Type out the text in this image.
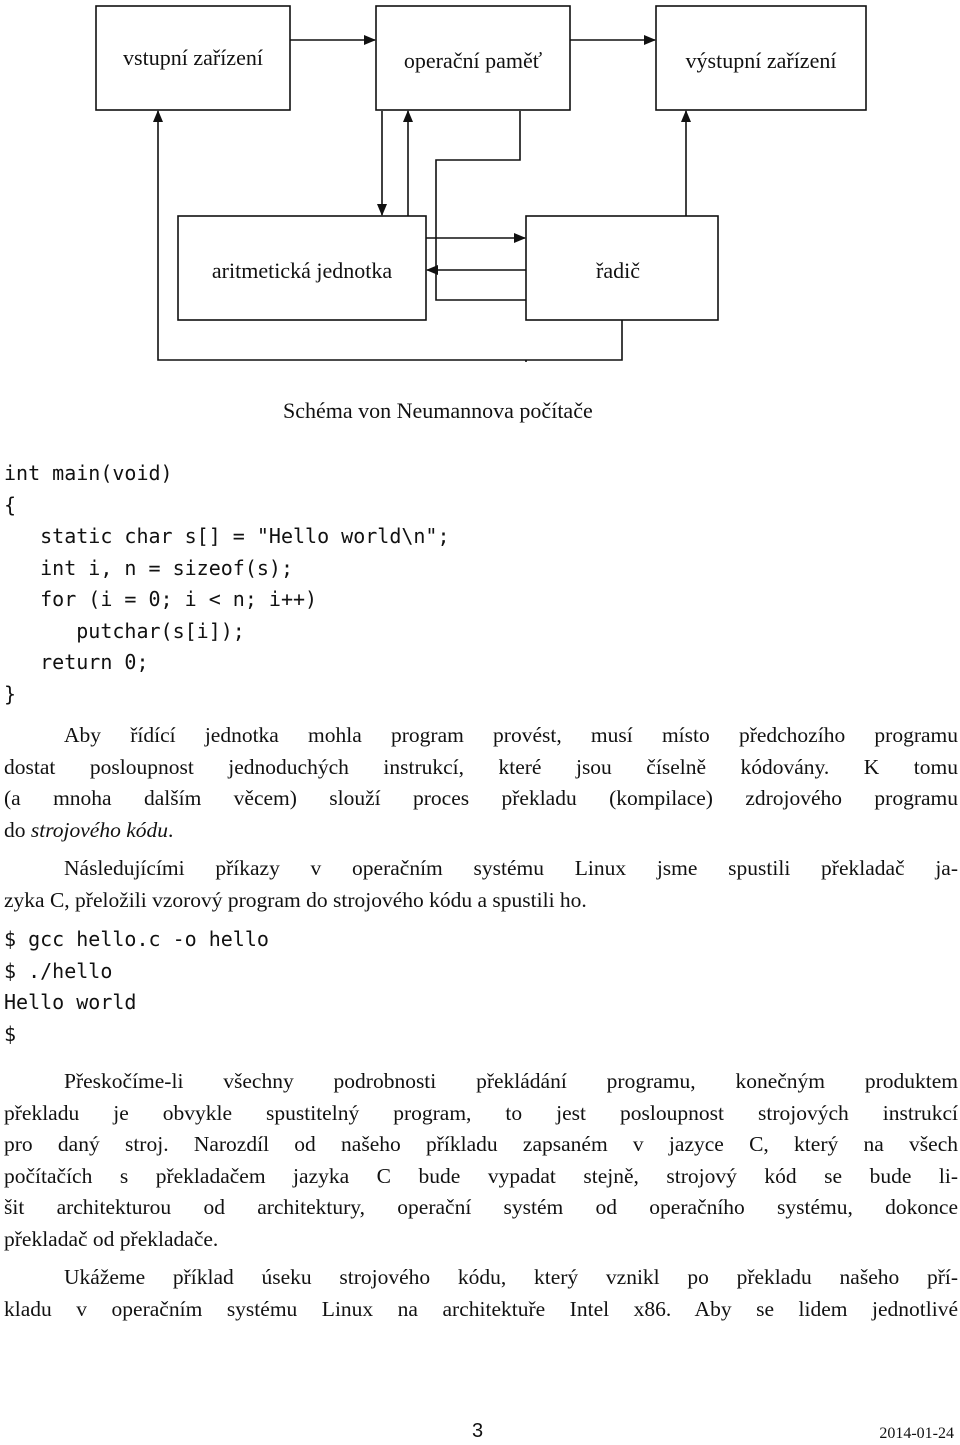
vstupní zařízení	operační paměť	výstupní zařízení
aritmetická jednotka	řadič
Schéma von Neumannova počítače
int main(void)
{
static char s[] = "Hello world\n";
int i, n = sizeof(s);
for (i = 0; i < n; i++)
putchar(s[i]);
return 0;
}
Aby řídící jednotka mohla program provést, musí místo předchozího programu
dostat posloupnost jednoduchých instrukcí, které jsou číselně kódovány. K tomu
(a mnoha dalším věcem) slouží proces překladu (kompilace) zdrojového programu
do strojového kódu.
Následujícími příkazy v operačním systému Linux jsme spustili překladač ja-
zyka C, přeložili vzorový program do strojového kódu a spustili ho.
$ gcc hello.c -o hello
$ ./hello
Hello world
$
Přeskočíme-li všechny podrobnosti překládání programu, konečným produktem
překladu je obvykle spustitelný program, to jest posloupnost strojových instrukcí
pro daný stroj. Narozdíl od našeho příkladu zapsaném v jazyce C, který na všech
počítačích s překladačem jazyka C bude vypadat stejně, strojový kód se bude li-
šit architekturou od architektury, operační systém od operačního systému, dokonce
překladač od překladače.
Ukážeme příklad úseku strojového kódu, který vznikl po překladu našeho pří-
kladu v operačním systému Linux na architektuře Intel x86. Aby se lidem jednotlivé
3	2014-01-24
